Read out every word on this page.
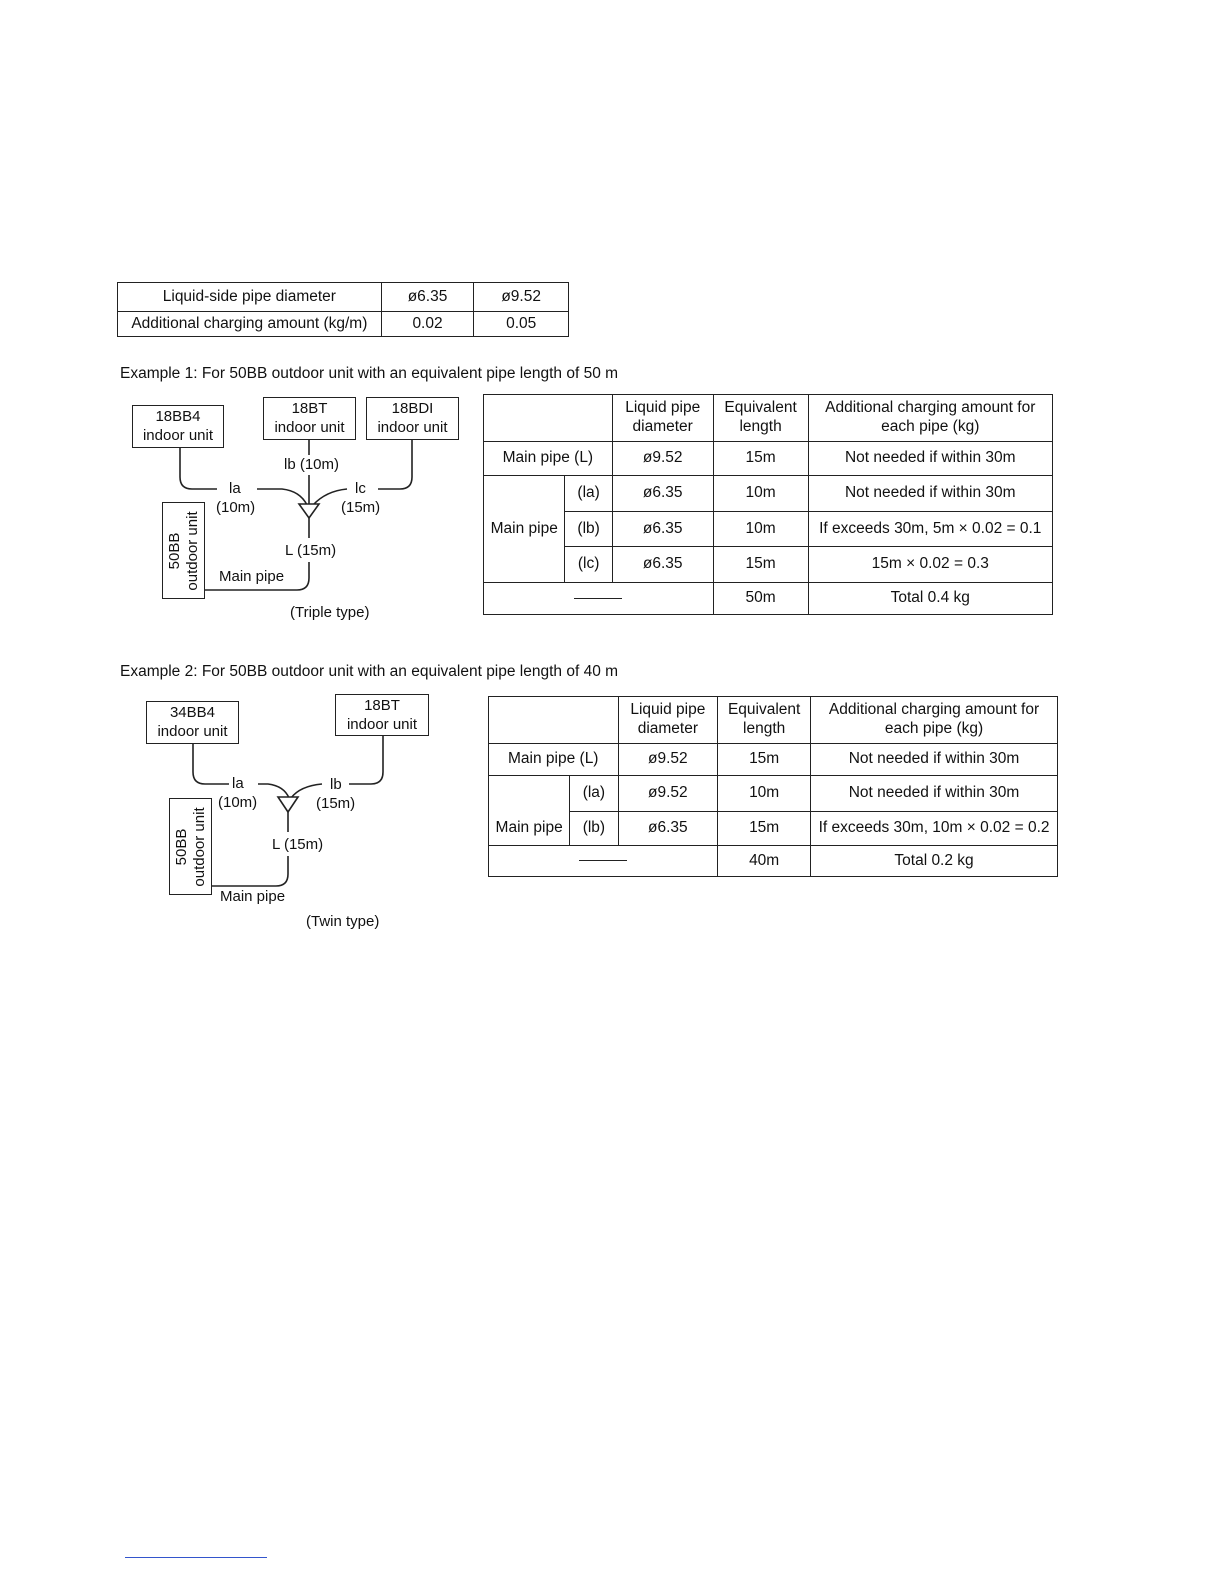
Liquid-side pipe diameter	ø6.35	ø9.52
Additional charging amount (kg/m)	0.02	0.05
Example 1: For 50BB outdoor unit with an equivalent pipe length of 50 m
18BB4
indoor unit
18BT
indoor unit
18BDI
indoor unit
lb (10m)
la
(10m)
lc
(15m)
L (15m)
Main pipe
(Triple type)
50BB outdoor unit
		Liquid pipe diameter	Equivalent length	Additional charging amount for each pipe (kg)
Main pipe (L)		ø9.52	15m	Not needed if within 30m
Main pipe	(la)	ø6.35	10m	Not needed if within 30m
	(lb)	ø6.35	10m	If exceeds 30m, 5m × 0.02 = 0.1
	(lc)	ø6.35	15m	15m × 0.02 = 0.3
			50m	Total 0.4 kg
Example 2: For 50BB outdoor unit with an equivalent pipe length of 40 m
34BB4
indoor unit
18BT
indoor unit
la
(10m)
lb
(15m)
L (15m)
Main pipe
(Twin type)
50BB outdoor unit
		Liquid pipe diameter	Equivalent length	Additional charging amount for each pipe (kg)
Main pipe (L)		ø9.52	15m	Not needed if within 30m
Main pipe	(la)	ø9.52	10m	Not needed if within 30m
	(lb)	ø6.35	15m	If exceeds 30m, 10m × 0.02 = 0.2
			40m	Total 0.2 kg
